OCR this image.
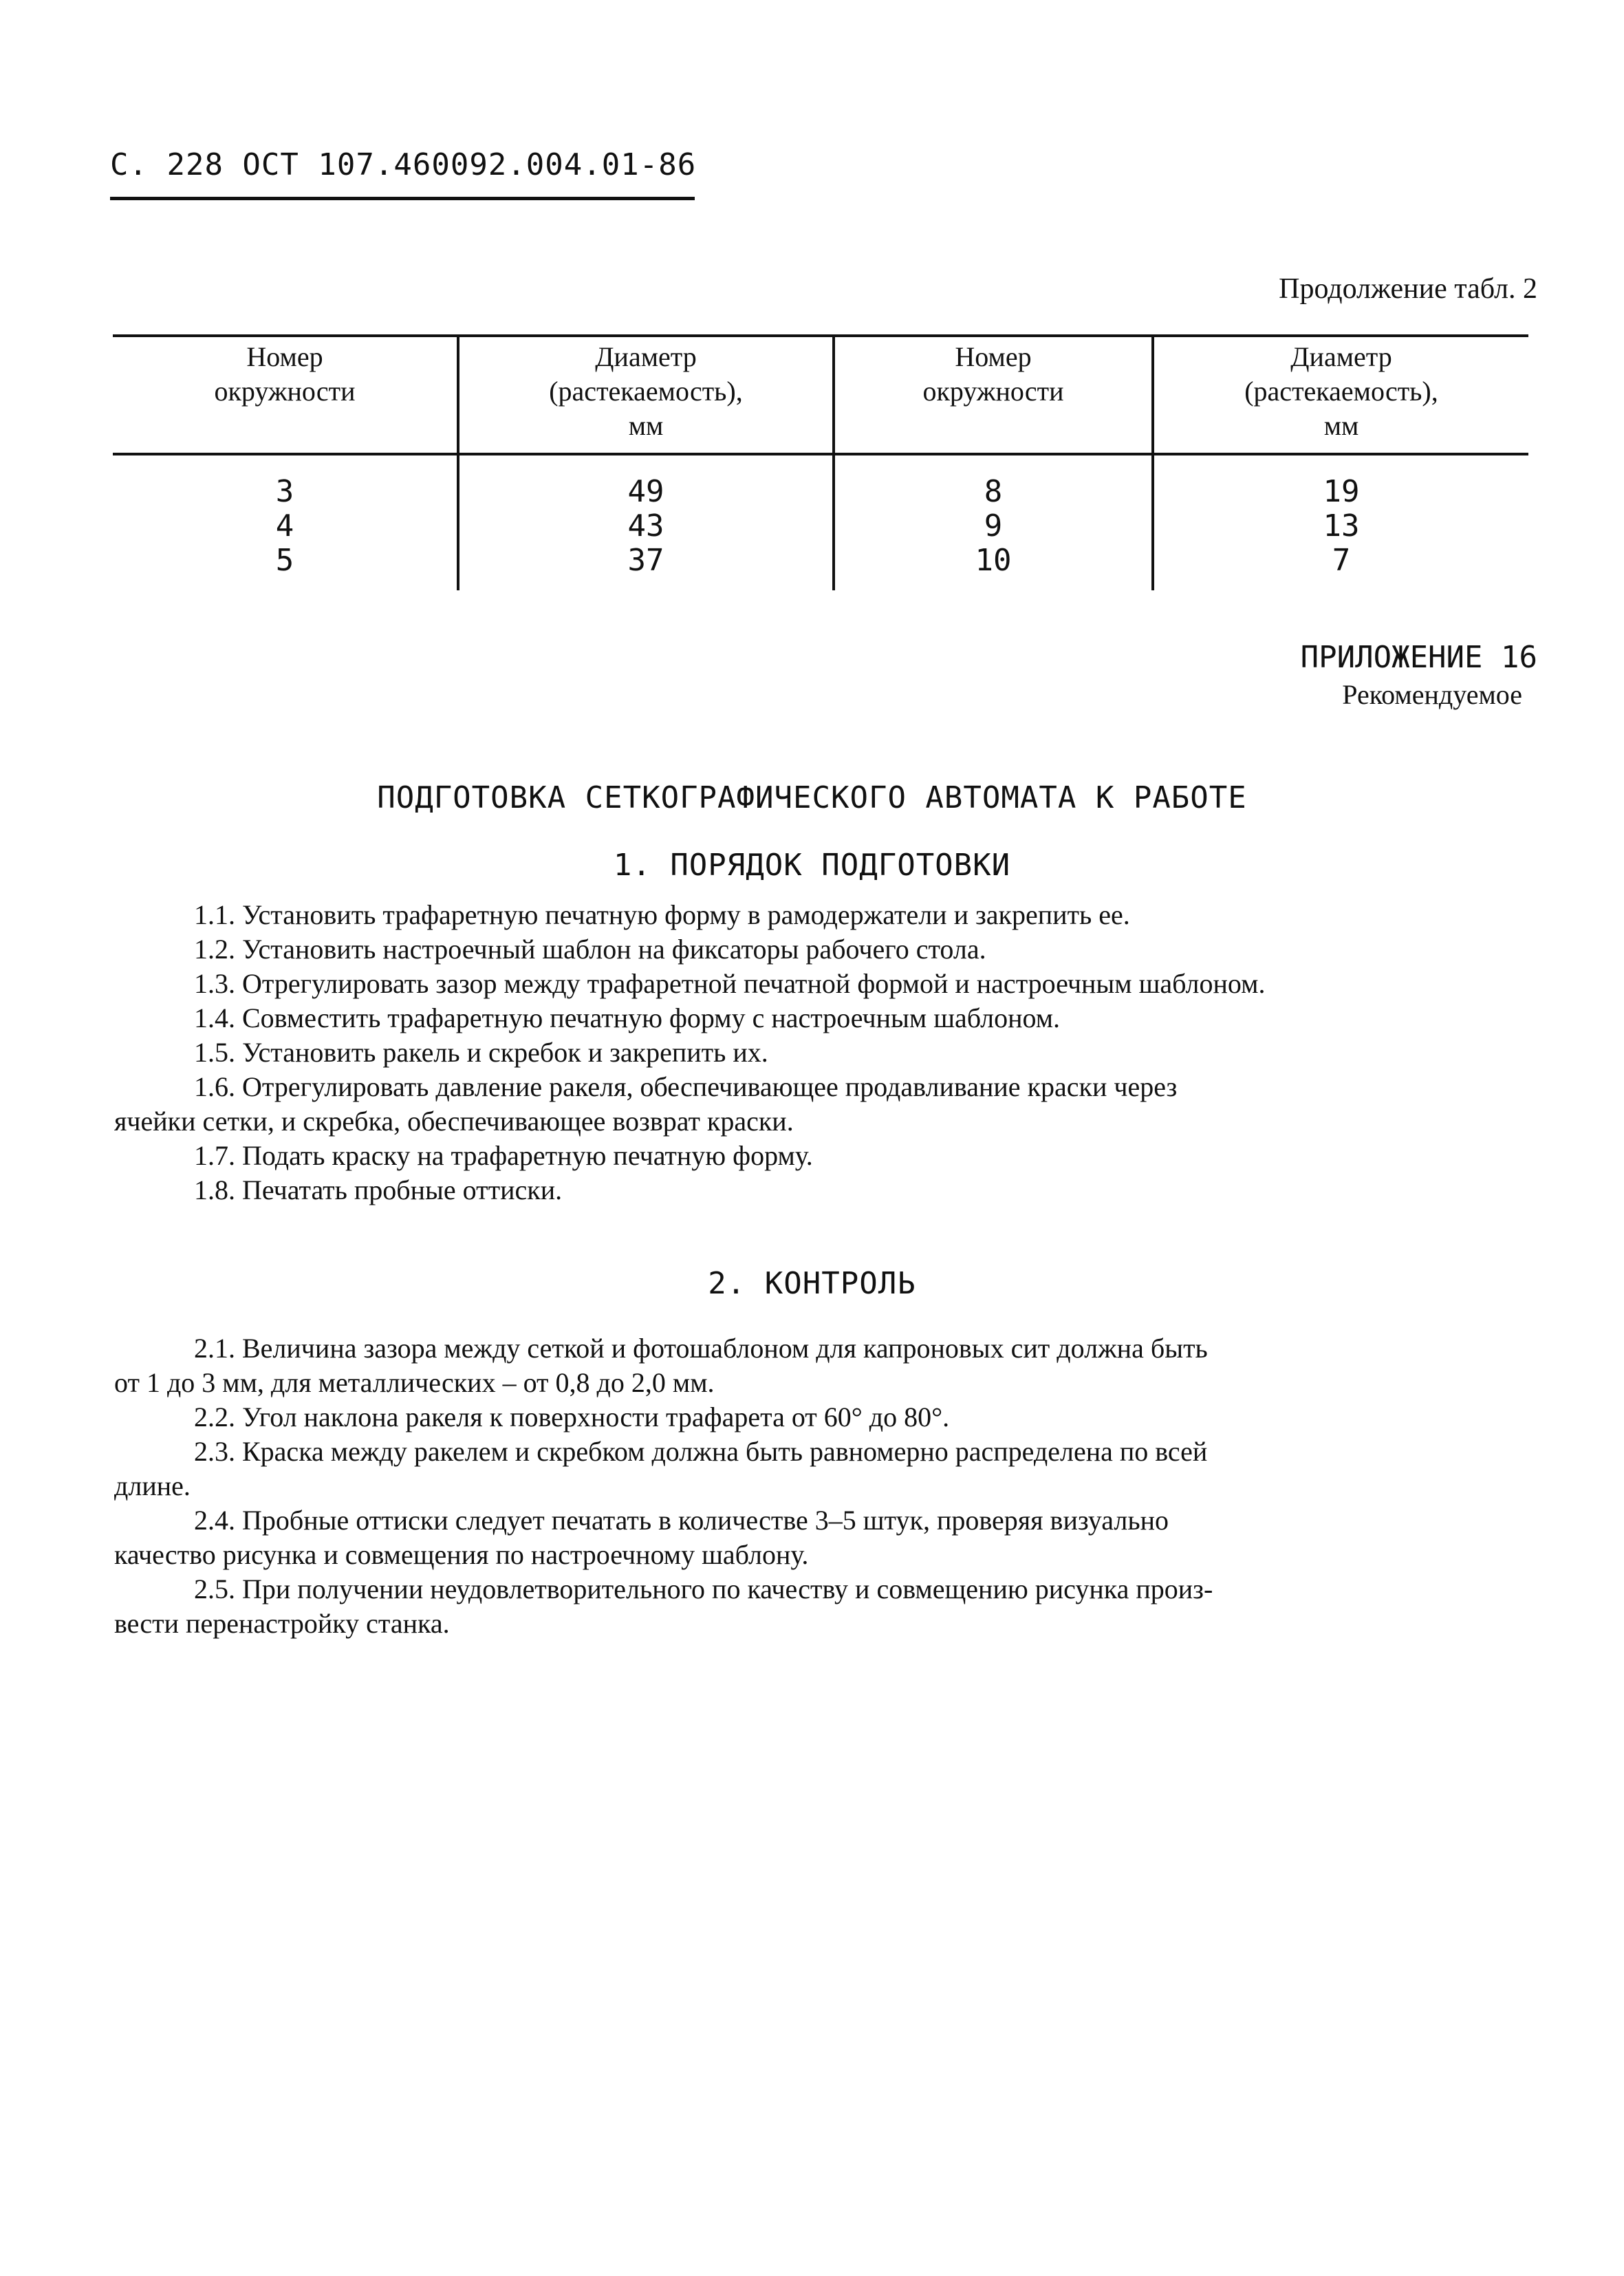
С. 228 ОСТ 107.460092.004.01-86
Продолжение табл. 2
Номер
окружности
Диаметр
(растекаемость),
мм
Номер
окружности
Диаметр
(растекаемость),
мм
3
4
5
49
43
37
8
9
10
19
13
7
ПРИЛОЖЕНИЕ 16
Рекомендуемое
ПОДГОТОВКА СЕТКОГРАФИЧЕСКОГО АВТОМАТА К РАБОТЕ
1. ПОРЯДОК ПОДГОТОВКИ
1.1. Установить трафаретную печатную форму в рамодержатели и закрепить ее.
1.2. Установить настроечный шаблон на фиксаторы рабочего стола.
1.3. Отрегулировать зазор между трафаретной печатной формой и настроечным шаблоном.
1.4. Совместить трафаретную печатную форму с настроечным шаблоном.
1.5. Установить ракель и скребок и закрепить их.
1.6. Отрегулировать давление ракеля, обеспечивающее продавливание краски через
ячейки сетки, и скребка, обеспечивающее возврат краски.
1.7. Подать краску на трафаретную печатную форму.
1.8. Печатать пробные оттиски.
2. КОНТРОЛЬ
2.1. Величина зазора между сеткой и фотошаблоном для капроновых сит должна быть
от 1 до 3 мм, для металлических – от 0,8 до 2,0 мм.
2.2. Угол наклона ракеля к поверхности трафарета от 60° до 80°.
2.3. Краска между ракелем и скребком должна быть равномерно распределена по всей
длине.
2.4. Пробные оттиски следует печатать в количестве 3–5 штук, проверяя визуально
качество рисунка и совмещения по настроечному шаблону.
2.5. При получении неудовлетворительного по качеству и совмещению рисунка произ-
вести перенастройку станка.
